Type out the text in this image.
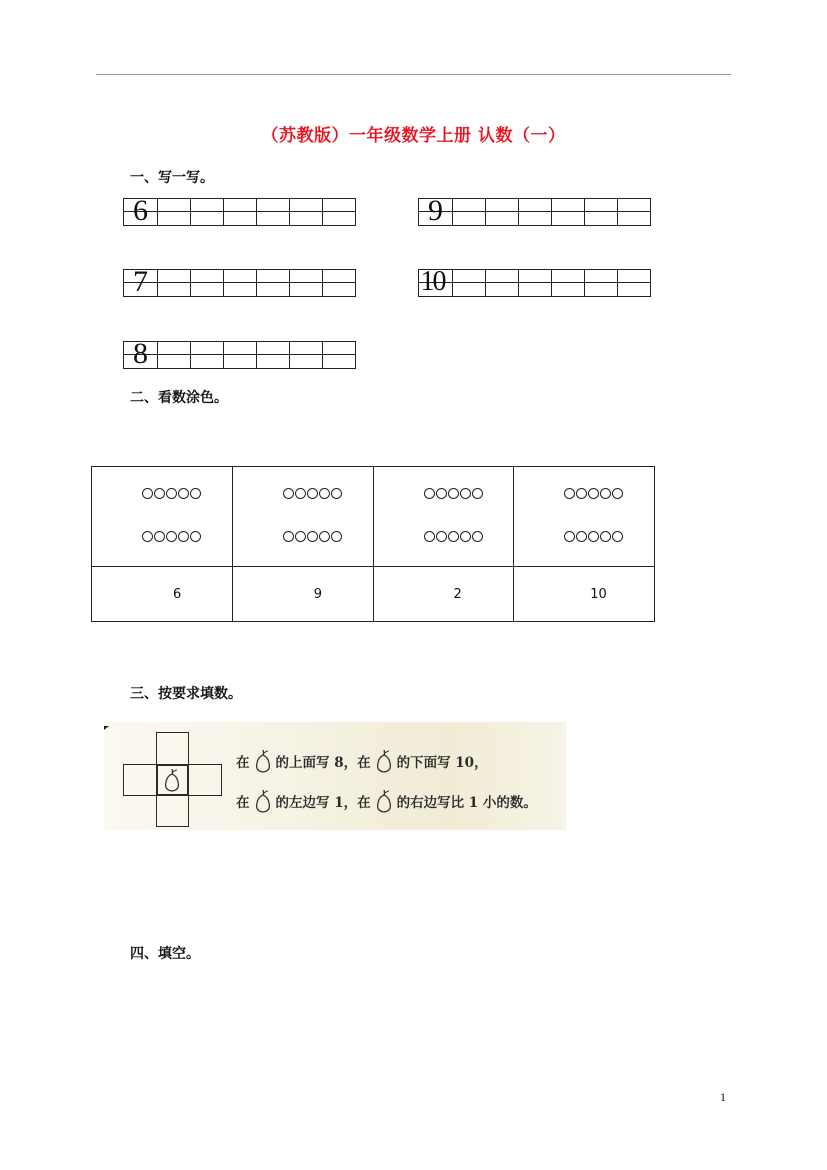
（苏教版）一年级数学上册 认数（一）
一、写一写。
6	9
7	10
8
二、看数涂色。

6	9	2	10
三、按要求填数。
在 的上面写 8，在 的下面写 10，
在 的左边写 1，在 的右边写比 1 小的数。
四、填空。
1
